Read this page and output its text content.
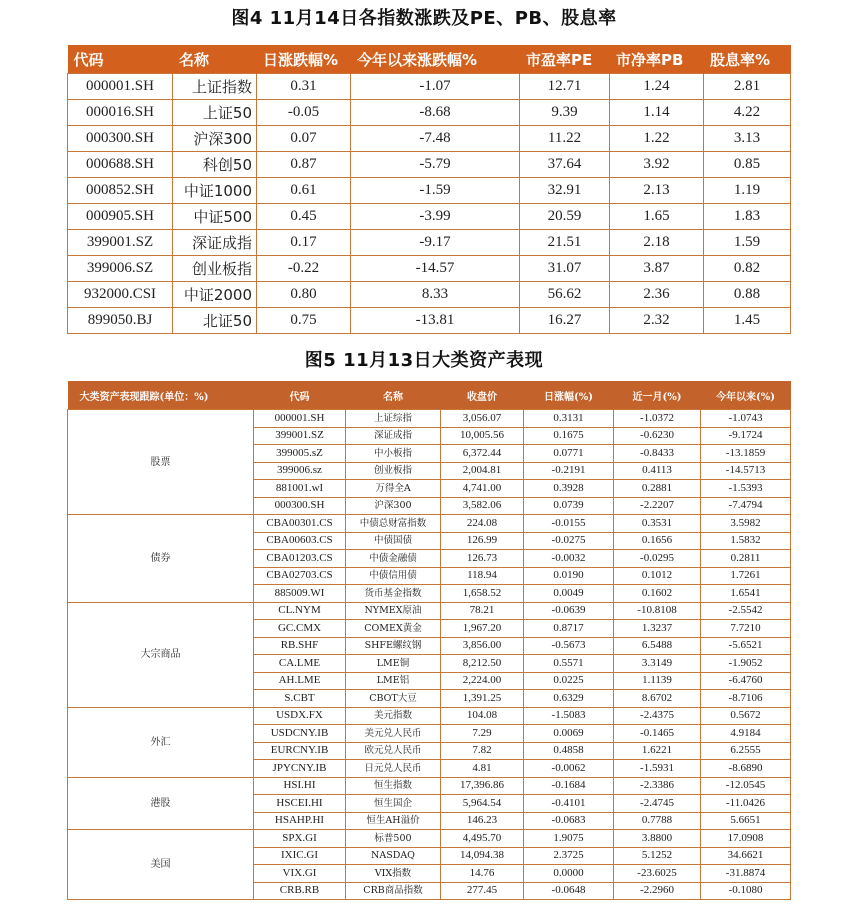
图4 11月14日各指数涨跌及PE、PB、股息率
代码	名称	日涨跌幅%	今年以来涨跌幅%	市盈率PE	市净率PB	股息率%
000001.SH	上证指数	0.31	-1.07	12.71	1.24	2.81
000016.SH	上证50	-0.05	-8.68	9.39	1.14	4.22
000300.SH	沪深300	0.07	-7.48	11.22	1.22	3.13
000688.SH	科创50	0.87	-5.79	37.64	3.92	0.85
000852.SH	中证1000	0.61	-1.59	32.91	2.13	1.19
000905.SH	中证500	0.45	-3.99	20.59	1.65	1.83
399001.SZ	深证成指	0.17	-9.17	21.51	2.18	1.59
399006.SZ	创业板指	-0.22	-14.57	31.07	3.87	0.82
932000.CSI	中证2000	0.80	8.33	56.62	2.36	0.88
899050.BJ	北证50	0.75	-13.81	16.27	2.32	1.45
图5 11月13日大类资产表现
大类资产表现跟踪(单位：%)	代码	名称	收盘价	日涨幅(%)	近一月(%)	今年以来(%)
股票	000001.SH	上证综指	3,056.07	0.3131	-1.0372	-1.0743
	399001.SZ	深证成指	10,005.56	0.1675	-0.6230	-9.1724
	399005.sZ	中小板指	6,372.44	0.0771	-0.8433	-13.1859
	399006.sz	创业板指	2,004.81	-0.2191	0.4113	-14.5713
	881001.wI	万得全A	4,741.00	0.3928	0.2881	-1.5393
	000300.SH	沪深300	3,582.06	0.0739	-2.2207	-7.4794
债券	CBA00301.CS	中债总财富指数	224.08	-0.0155	0.3531	3.5982
	CBA00603.CS	中债国债	126.99	-0.0275	0.1656	1.5832
	CBA01203.CS	中债金融债	126.73	-0.0032	-0.0295	0.2811
	CBA02703.CS	中债信用债	118.94	0.0190	0.1012	1.7261
	885009.WI	货币基金指数	1,658.52	0.0049	0.1602	1.6541
大宗商品	CL.NYM	NYMEX原油	78.21	-0.0639	-10.8108	-2.5542
	GC.CMX	COMEX黄金	1,967.20	0.8717	1.3237	7.7210
	RB.SHF	SHFE螺纹钢	3,856.00	-0.5673	6.5488	-5.6521
	CA.LME	LME铜	8,212.50	0.5571	3.3149	-1.9052
	AH.LME	LME铝	2,224.00	0.0225	1.1139	-6.4760
	S.CBT	CBOT大豆	1,391.25	0.6329	8.6702	-8.7106
外汇	USDX.FX	美元指数	104.08	-1.5083	-2.4375	0.5672
	USDCNY.IB	美元兑人民币	7.29	0.0069	-0.1465	4.9184
	EURCNY.IB	欧元兑人民币	7.82	0.4858	1.6221	6.2555
	JPYCNY.IB	日元兑人民币	4.81	-0.0062	-1.5931	-8.6890
港股	HSI.HI	恒生指数	17,396.86	-0.1684	-2.3386	-12.0545
	HSCEI.HI	恒生国企	5,964.54	-0.4101	-2.4745	-11.0426
	HSAHP.HI	恒生AH溢价	146.23	-0.0683	0.7788	5.6651
美国	SPX.GI	标普500	4,495.70	1.9075	3.8800	17.0908
	IXIC.GI	NASDAQ	14,094.38	2.3725	5.1252	34.6621
	VIX.GI	VIX指数	14.76	0.0000	-23.6025	-31.8874
	CRB.RB	CRB商品指数	277.45	-0.0648	-2.2960	-0.1080
